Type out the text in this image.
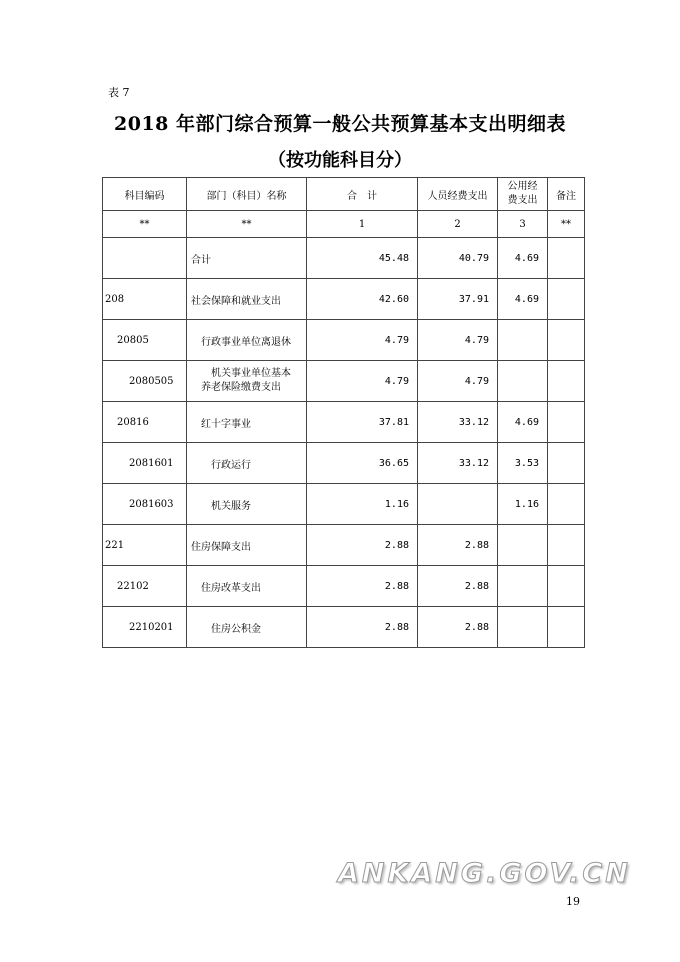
表 7
2018 年部门综合预算一般公共预算基本支出明细表
（按功能科目分）
科目编码	部门（科目）名称	合　计	人员经费支出	公用经
费支出	备注
**	**	1	2	3	**
	合计	45.48	40.79	4.69	
208	社会保障和就业支出	42.60	37.91	4.69	
20805	行政事业单位离退休	4.79	4.79		
2080505	机关事业单位基本
养老保险缴费支出	4.79	4.79		
20816	红十字事业	37.81	33.12	4.69	
2081601	行政运行	36.65	33.12	3.53	
2081603	机关服务	1.16		1.16	
221	住房保障支出	2.88	2.88		
22102	住房改革支出	2.88	2.88		
2210201	住房公积金	2.88	2.88		
ANKANG.GOV.CN
19
